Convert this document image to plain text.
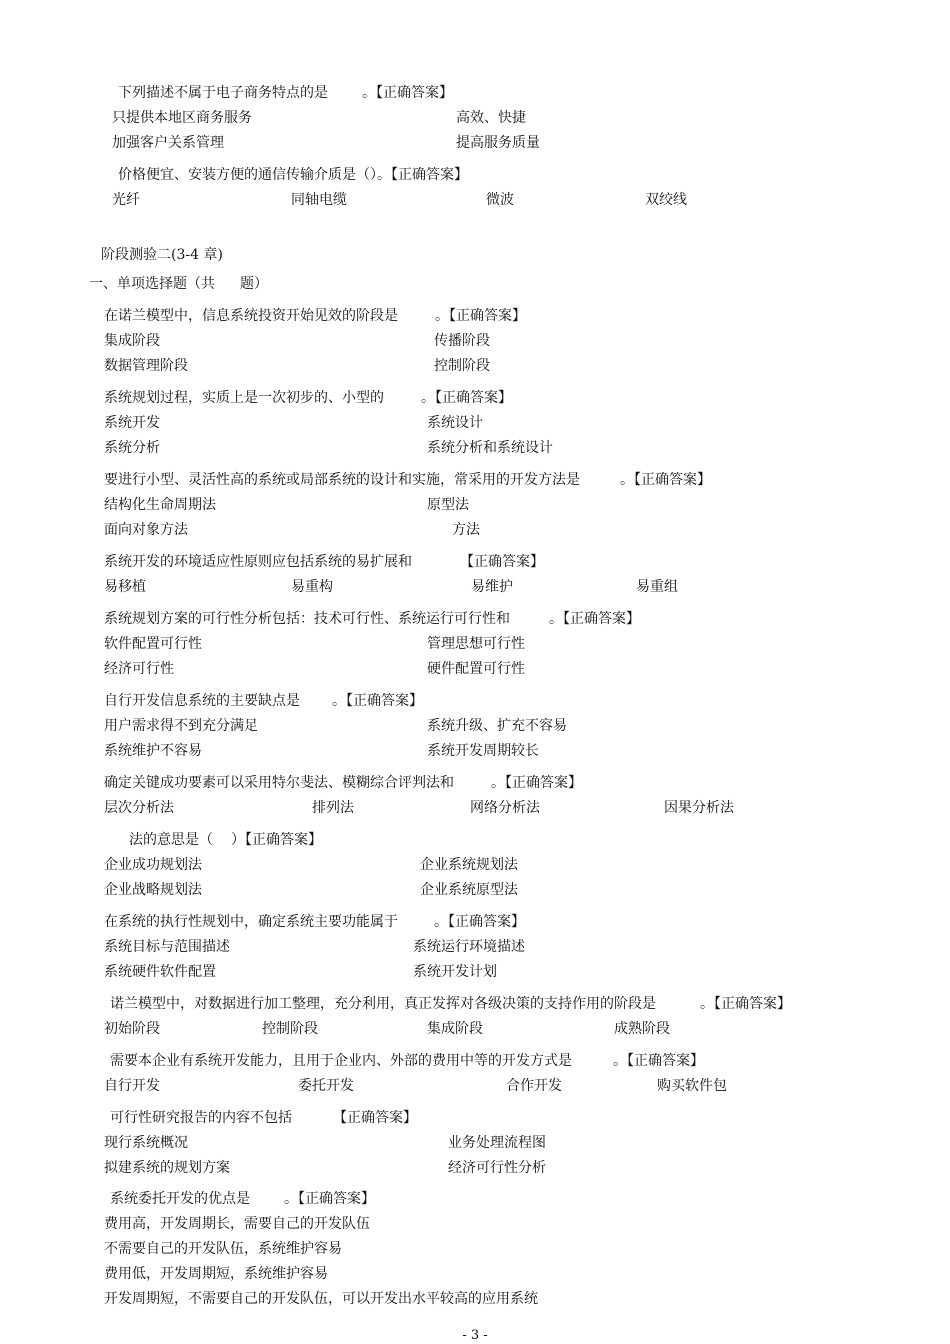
下列描述不属于电子商务特点的是 。【正确答案】
只提供本地区商务服务	高效、快捷
加强客户关系管理	提高服务质量
价格便宜、安装方便的通信传输介质是（）。【正确答案】
光纤	同轴电缆	微波	双绞线
阶段测验二(3-4 章)
一、单项选择题（共 题）
在诺兰模型中，信息系统投资开始见效的阶段是	。【正确答案】
集成阶段	传播阶段
数据管理阶段	控制阶段
系统规划过程，实质上是一次初步的、小型的	。【正确答案】
系统开发	系统设计
系统分析	系统分析和系统设计
要进行小型、灵活性高的系统或局部系统的设计和实施，常采用的开发方法是	。【正确答案】
结构化生命周期法	原型法
面向对象方法	方法
系统开发的环境适应性原则应包括系统的易扩展和	【正确答案】
易移植	易重构	易维护	易重组
系统规划方案的可行性分析包括：技术可行性、系统运行可行性和	。【正确答案】
软件配置可行性	管理思想可行性
经济可行性	硬件配置可行性
自行开发信息系统的主要缺点是 。【正确答案】
用户需求得不到充分满足	系统升级、扩充不容易
系统维护不容易	系统开发周期较长
确定关键成功要素可以采用特尔斐法、模糊综合评判法和	。【正确答案】
层次分析法	排列法	网络分析法	因果分析法
法的意思是（ ）【正确答案】
企业成功规划法	企业系统规划法
企业战略规划法	企业系统原型法
在系统的执行性规划中，确定系统主要功能属于	。【正确答案】
系统目标与范围描述	系统运行环境描述
系统硬件软件配置	系统开发计划
诺兰模型中，对数据进行加工整理，充分利用，真正发挥对各级决策的支持作用的阶段是	。【正确答案】
初始阶段	控制阶段	集成阶段	成熟阶段
需要本企业有系统开发能力，且用于企业内、外部的费用中等的开发方式是	。【正确答案】
自行开发	委托开发	合作开发	购买软件包
可行性研究报告的内容不包括	【正确答案】
现行系统概况	业务处理流程图
拟建系统的规划方案	经济可行性分析
系统委托开发的优点是 。【正确答案】
费用高，开发周期长，需要自己的开发队伍
不需要自己的开发队伍，系统维护容易
费用低，开发周期短，系统维护容易
开发周期短，不需要自己的开发队伍，可以开发出水平较高的应用系统
- 3 -
